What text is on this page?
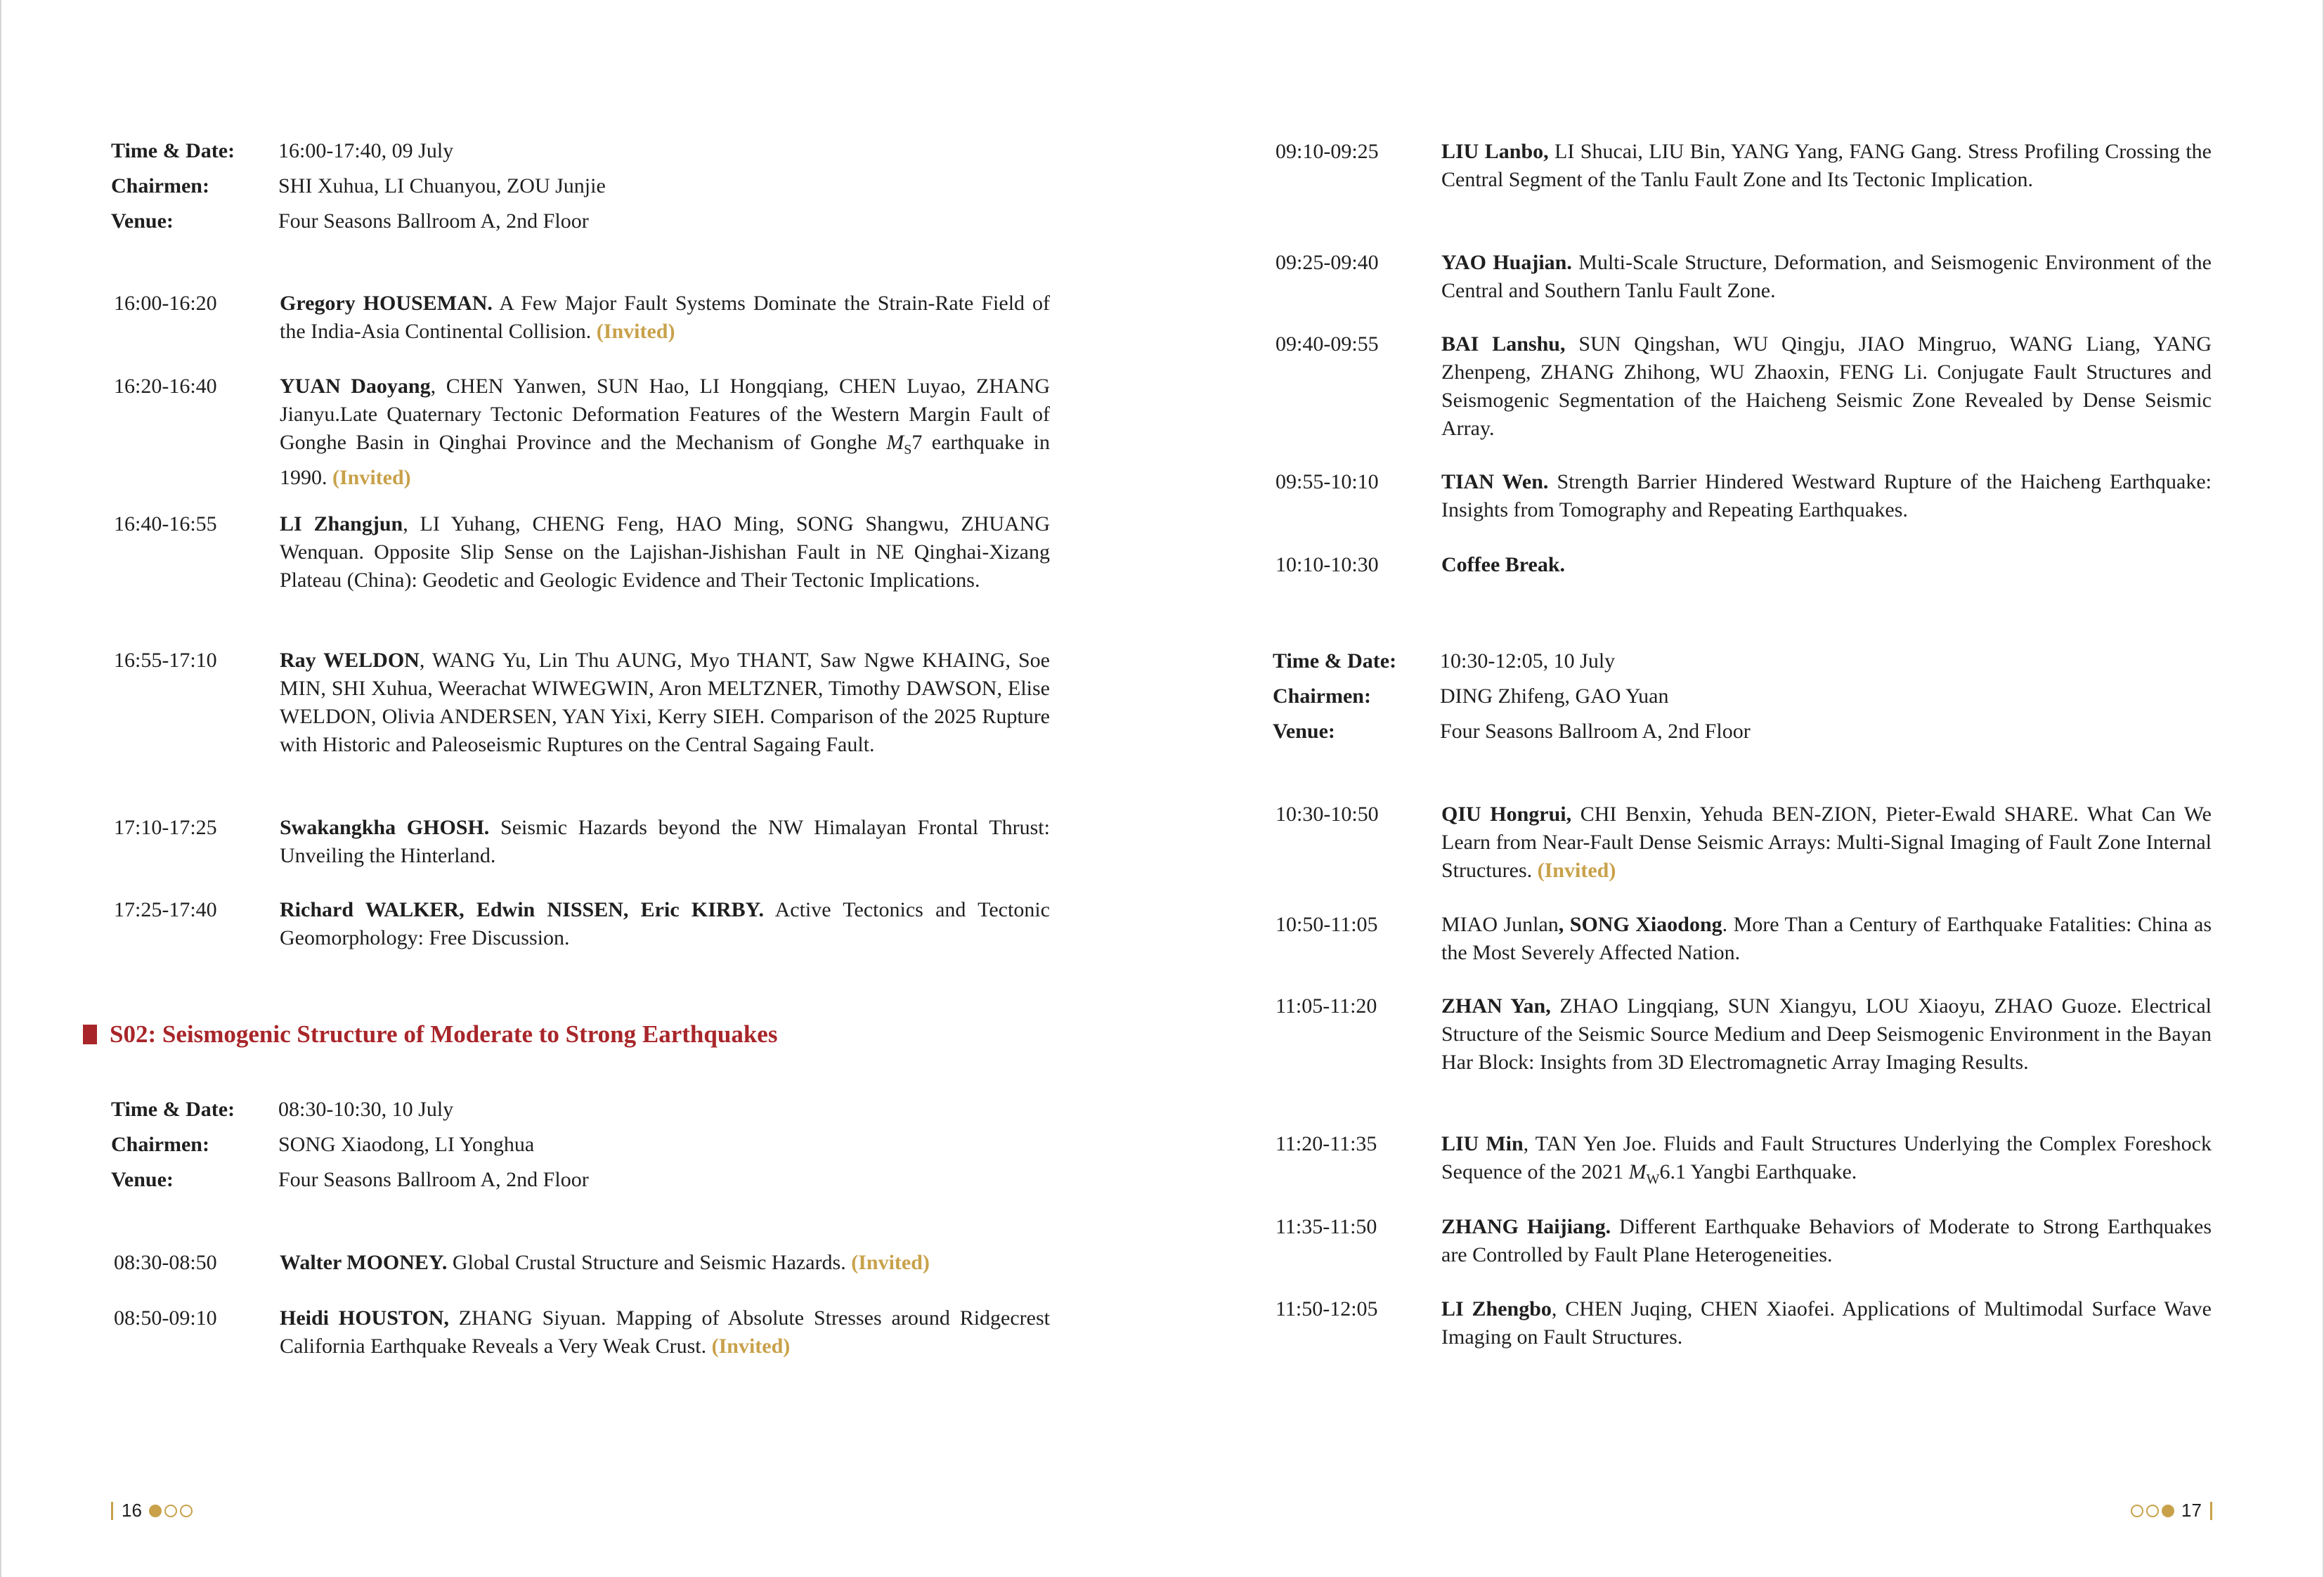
Time & Date:	16:00-17:40, 09 July
Chairmen:	SHI Xuhua, LI Chuanyou, ZOU Junjie
Venue:	Four Seasons Ballroom A, 2nd Floor
16:00-16:20	Gregory HOUSEMAN. A Few Major Fault Systems Dominate the Strain-Rate Field of the India-Asia Continental Collision. (Invited)
16:20-16:40	YUAN Daoyang, CHEN Yanwen, SUN Hao, LI Hongqiang, CHEN Luyao, ZHANG Jianyu.Late Quaternary Tectonic Deformation Features of the Western Margin Fault of Gonghe Basin in Qinghai Province and the Mechanism of Gonghe $M_S7$ earthquake in 1990. (Invited)
16:40-16:55	LI Zhangjun, LI Yuhang, CHENG Feng, HAO Ming, SONG Shangwu, ZHUANG Wenquan. Opposite Slip Sense on the Lajishan-Jishishan Fault in NE Qinghai-Xizang Plateau (China): Geodetic and Geologic Evidence and Their Tectonic Implications.
16:55-17:10	Ray WELDON, WANG Yu, Lin Thu AUNG, Myo THANT, Saw Ngwe KHAING, Soe MIN, SHI Xuhua, Weerachat WIWEGWIN, Aron MELTZNER, Timothy DAWSON, Elise WELDON, Olivia ANDERSEN, YAN Yixi, Kerry SIEH. Comparison of the 2025 Rupture with Historic and Paleoseismic Ruptures on the Central Sagaing Fault.
17:10-17:25	Swakangkha GHOSH. Seismic Hazards beyond the NW Himalayan Frontal Thrust: Unveiling the Hinterland.
17:25-17:40	Richard WALKER, Edwin NISSEN, Eric KIRBY. Active Tectonics and Tectonic Geomorphology: Free Discussion.
S02: Seismogenic Structure of Moderate to Strong Earthquakes
Time & Date:	08:30-10:30, 10 July
Chairmen:	SONG Xiaodong, LI Yonghua
Venue:	Four Seasons Ballroom A, 2nd Floor
08:30-08:50	Walter MOONEY. Global Crustal Structure and Seismic Hazards. (Invited)
08:50-09:10	Heidi HOUSTON, ZHANG Siyuan. Mapping of Absolute Stresses around Ridgecrest California Earthquake Reveals a Very Weak Crust. (Invited)
16
09:10-09:25	LIU Lanbo, LI Shucai, LIU Bin, YANG Yang, FANG Gang. Stress Profiling Crossing the Central Segment of the Tanlu Fault Zone and Its Tectonic Implication.
09:25-09:40	YAO Huajian. Multi-Scale Structure, Deformation, and Seismogenic Environment of the Central and Southern Tanlu Fault Zone.
09:40-09:55	BAI Lanshu, SUN Qingshan, WU Qingju, JIAO Mingruo, WANG Liang, YANG Zhenpeng, ZHANG Zhihong, WU Zhaoxin, FENG Li. Conjugate Fault Structures and Seismogenic Segmentation of the Haicheng Seismic Zone Revealed by Dense Seismic Array.
09:55-10:10	TIAN Wen. Strength Barrier Hindered Westward Rupture of the Haicheng Earthquake: Insights from Tomography and Repeating Earthquakes.
10:10-10:30	Coffee Break.
Time & Date:	10:30-12:05, 10 July
Chairmen:	DING Zhifeng, GAO Yuan
Venue:	Four Seasons Ballroom A, 2nd Floor
10:30-10:50	QIU Hongrui, CHI Benxin, Yehuda BEN-ZION, Pieter-Ewald SHARE. What Can We Learn from Near-Fault Dense Seismic Arrays: Multi-Signal Imaging of Fault Zone Internal Structures. (Invited)
10:50-11:05	MIAO Junlan, SONG Xiaodong. More Than a Century of Earthquake Fatalities: China as the Most Severely Affected Nation.
11:05-11:20	ZHAN Yan, ZHAO Lingqiang, SUN Xiangyu, LOU Xiaoyu, ZHAO Guoze. Electrical Structure of the Seismic Source Medium and Deep Seismogenic Environment in the Bayan Har Block: Insights from 3D Electromagnetic Array Imaging Results.
11:20-11:35	LIU Min, TAN Yen Joe. Fluids and Fault Structures Underlying the Complex Foreshock Sequence of the 2021 $M_W6.1$ Yangbi Earthquake.
11:35-11:50	ZHANG Haijiang. Different Earthquake Behaviors of Moderate to Strong Earthquakes are Controlled by Fault Plane Heterogeneities.
11:50-12:05	LI Zhengbo, CHEN Juqing, CHEN Xiaofei. Applications of Multimodal Surface Wave Imaging on Fault Structures.
17
